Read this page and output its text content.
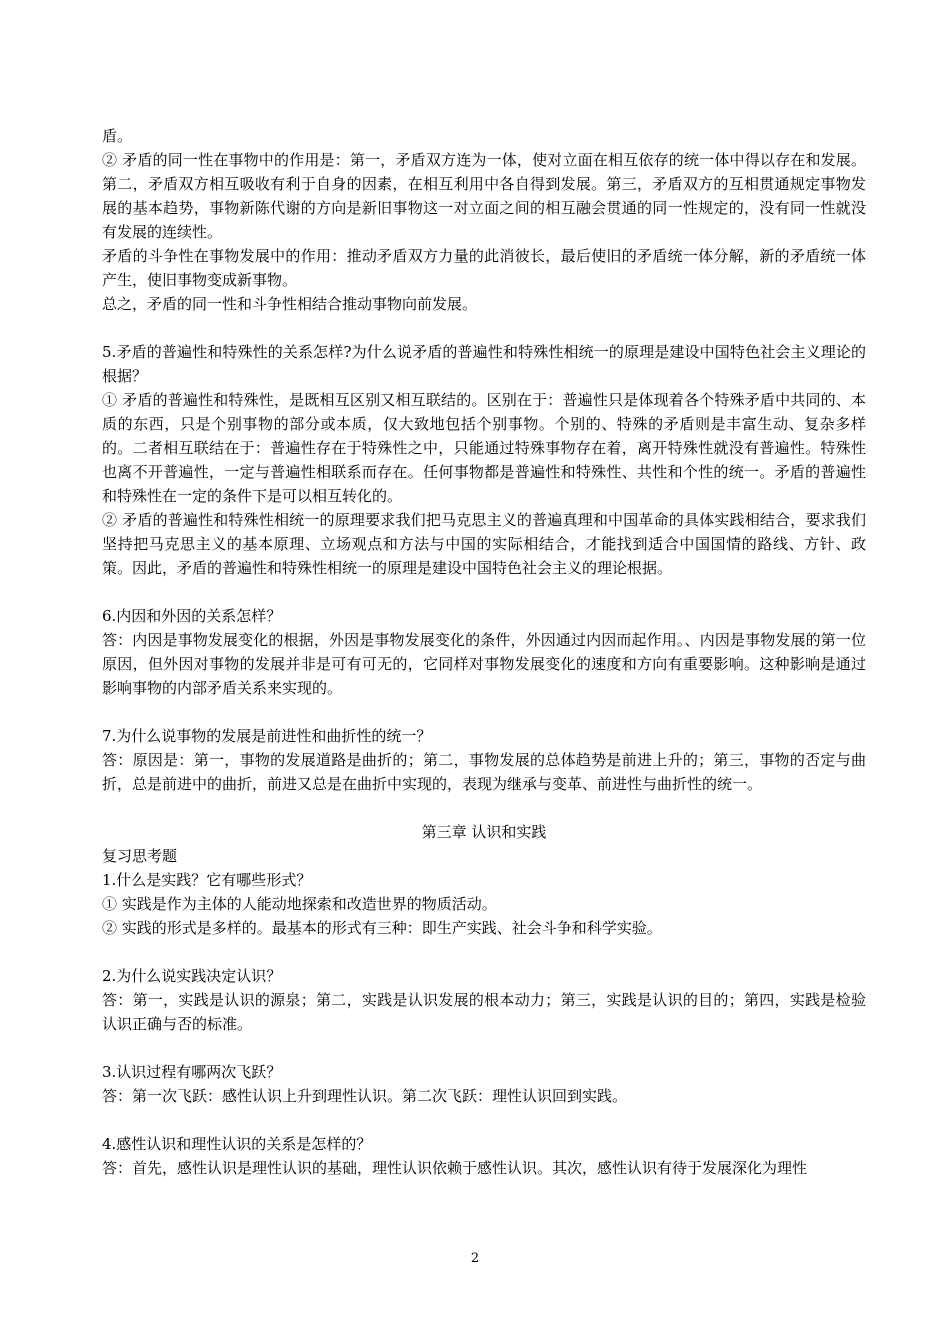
盾。

② 矛盾的同一性在事物中的作用是：第一，矛盾双方连为一体，使对立面在相互依存的统一体中得以存在和发展。第二，矛盾双方相互吸收有利于自身的因素，在相互利用中各自得到发展。第三，矛盾双方的互相贯通规定事物发展的基本趋势，事物新陈代谢的方向是新旧事物这一对立面之间的相互融会贯通的同一性规定的，没有同一性就没有发展的连续性。

矛盾的斗争性在事物发展中的作用：推动矛盾双方力量的此消彼长，最后使旧的矛盾统一体分解，新的矛盾统一体产生，使旧事物变成新事物。

总之，矛盾的同一性和斗争性相结合推动事物向前发展。

5.矛盾的普遍性和特殊性的关系怎样?为什么说矛盾的普遍性和特殊性相统一的原理是建设中国特色社会主义理论的根据？

① 矛盾的普遍性和特殊性，是既相互区别又相互联结的。区别在于：普遍性只是体现着各个特殊矛盾中共同的、本质的东西，只是个别事物的部分或本质，仅大致地包括个别事物。个别的、特殊的矛盾则是丰富生动、复杂多样的。二者相互联结在于：普遍性存在于特殊性之中，只能通过特殊事物存在着，离开特殊性就没有普遍性。特殊性也离不开普遍性，一定与普遍性相联系而存在。任何事物都是普遍性和特殊性、共性和个性的统一。矛盾的普遍性和特殊性在一定的条件下是可以相互转化的。

② 矛盾的普遍性和特殊性相统一的原理要求我们把马克思主义的普遍真理和中国革命的具体实践相结合，要求我们坚持把马克思主义的基本原理、立场观点和方法与中国的实际相结合，才能找到适合中国国情的路线、方针、政策。因此，矛盾的普遍性和特殊性相统一的原理是建设中国特色社会主义的理论根据。

6.内因和外因的关系怎样？

答：内因是事物发展变化的根据，外因是事物发展变化的条件，外因通过内因而起作用。、内因是事物发展的第一位原因，但外因对事物的发展并非是可有可无的，它同样对事物发展变化的速度和方向有重要影响。这种影响是通过影响事物的内部矛盾关系来实现的。

7.为什么说事物的发展是前进性和曲折性的统一？

答：原因是：第一，事物的发展道路是曲折的；第二，事物发展的总体趋势是前进上升的；第三，事物的否定与曲折，总是前进中的曲折，前进又总是在曲折中实现的，表现为继承与变革、前进性与曲折性的统一。

第三章 认识和实践

复习思考题

1.什么是实践？它有哪些形式？

① 实践是作为主体的人能动地探索和改造世界的物质活动。

② 实践的形式是多样的。最基本的形式有三种：即生产实践、社会斗争和科学实验。

2.为什么说实践决定认识？

答：第一，实践是认识的源泉；第二，实践是认识发展的根本动力；第三，实践是认识的目的；第四，实践是检验认识正确与否的标准。

3.认识过程有哪两次飞跃？

答：第一次飞跃：感性认识上升到理性认识。第二次飞跃：理性认识回到实践。

4.感性认识和理性认识的关系是怎样的？

答：首先，感性认识是理性认识的基础，理性认识依赖于感性认识。其次，感性认识有待于发展深化为理性

2
